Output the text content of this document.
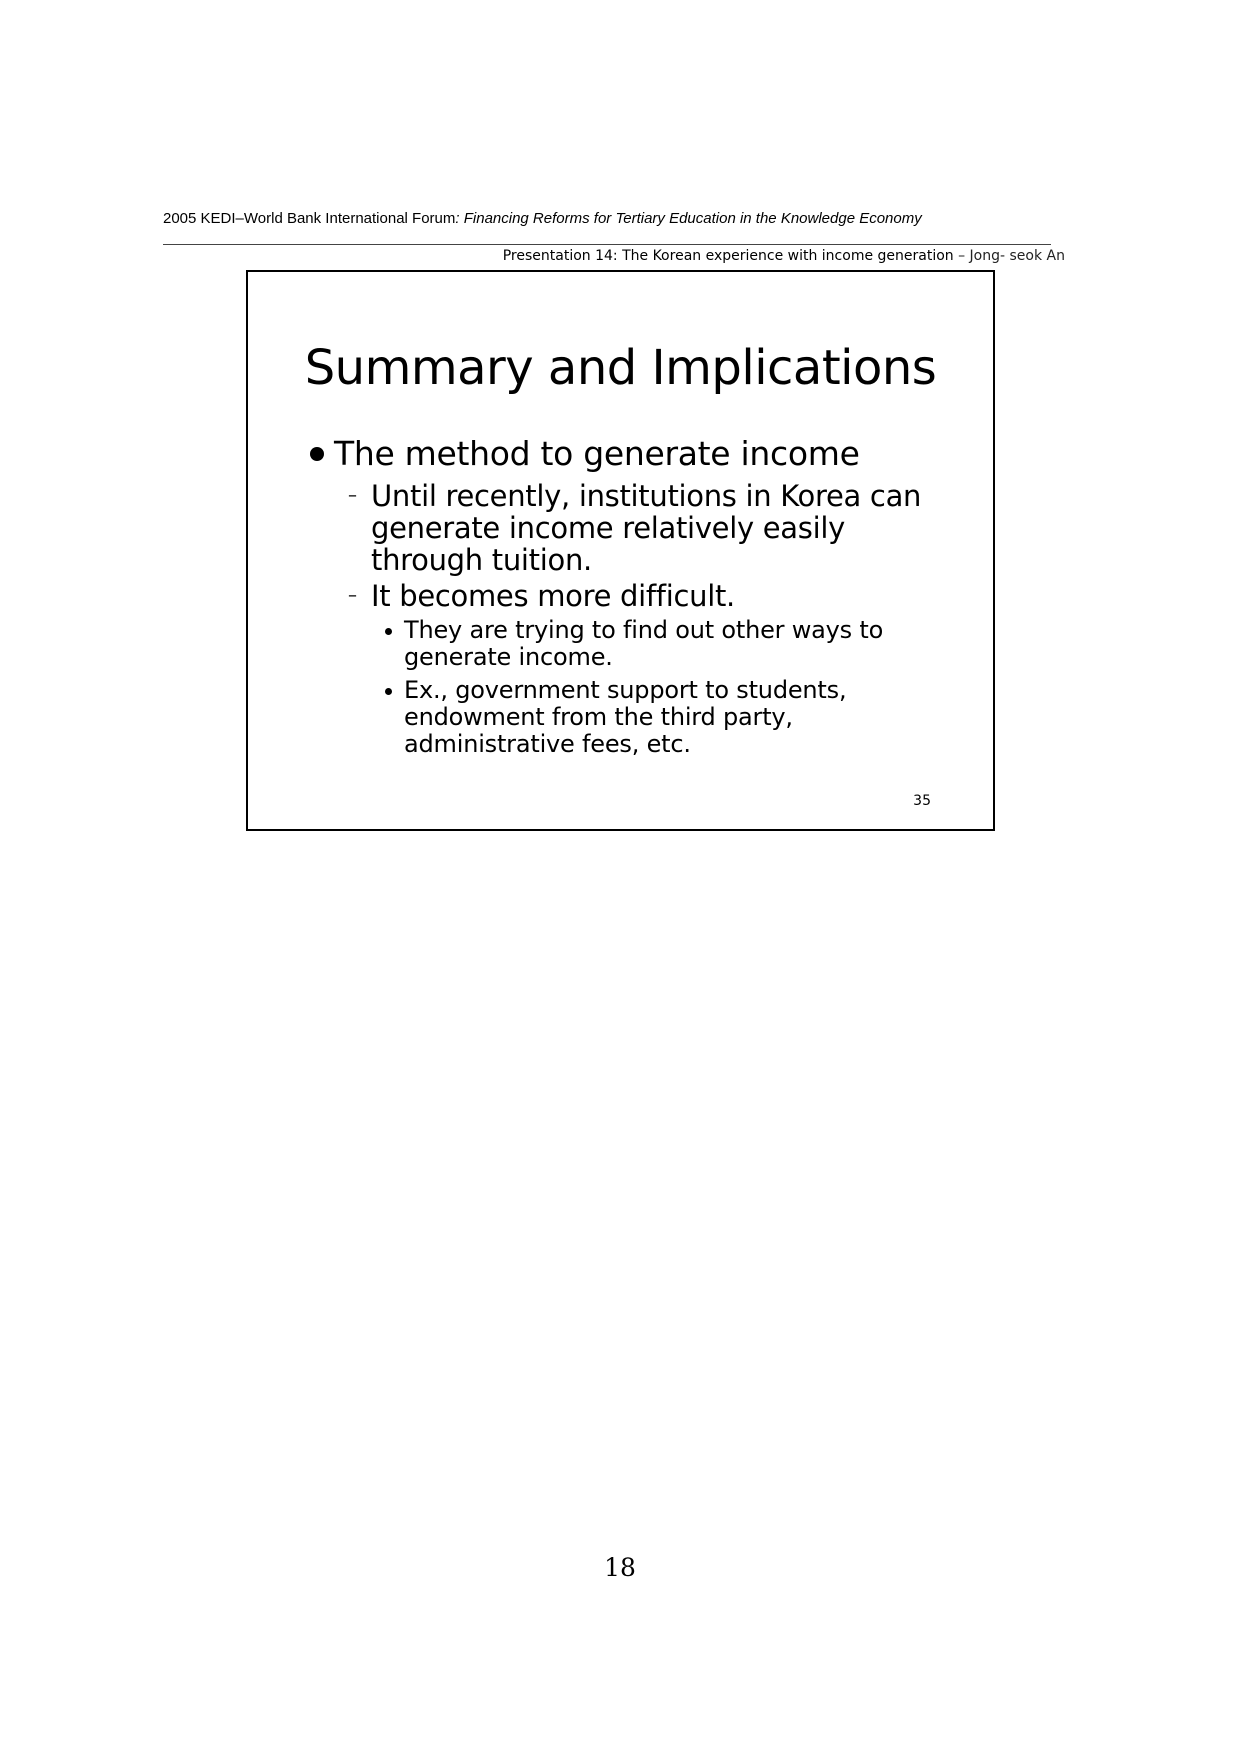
2005 KEDI–World Bank International Forum: Financing Reforms for Tertiary Education in the Knowledge Economy
Presentation 14: The Korean experience with income generation – Jong- seok An
Summary and Implications
The method to generate income
– Until recently, institutions in Korea can generate income relatively easily through tuition.
– It becomes more difficult.
They are trying to find out other ways to generate income.
Ex., government support to students, endowment from the third party, administrative fees, etc.
35
18
